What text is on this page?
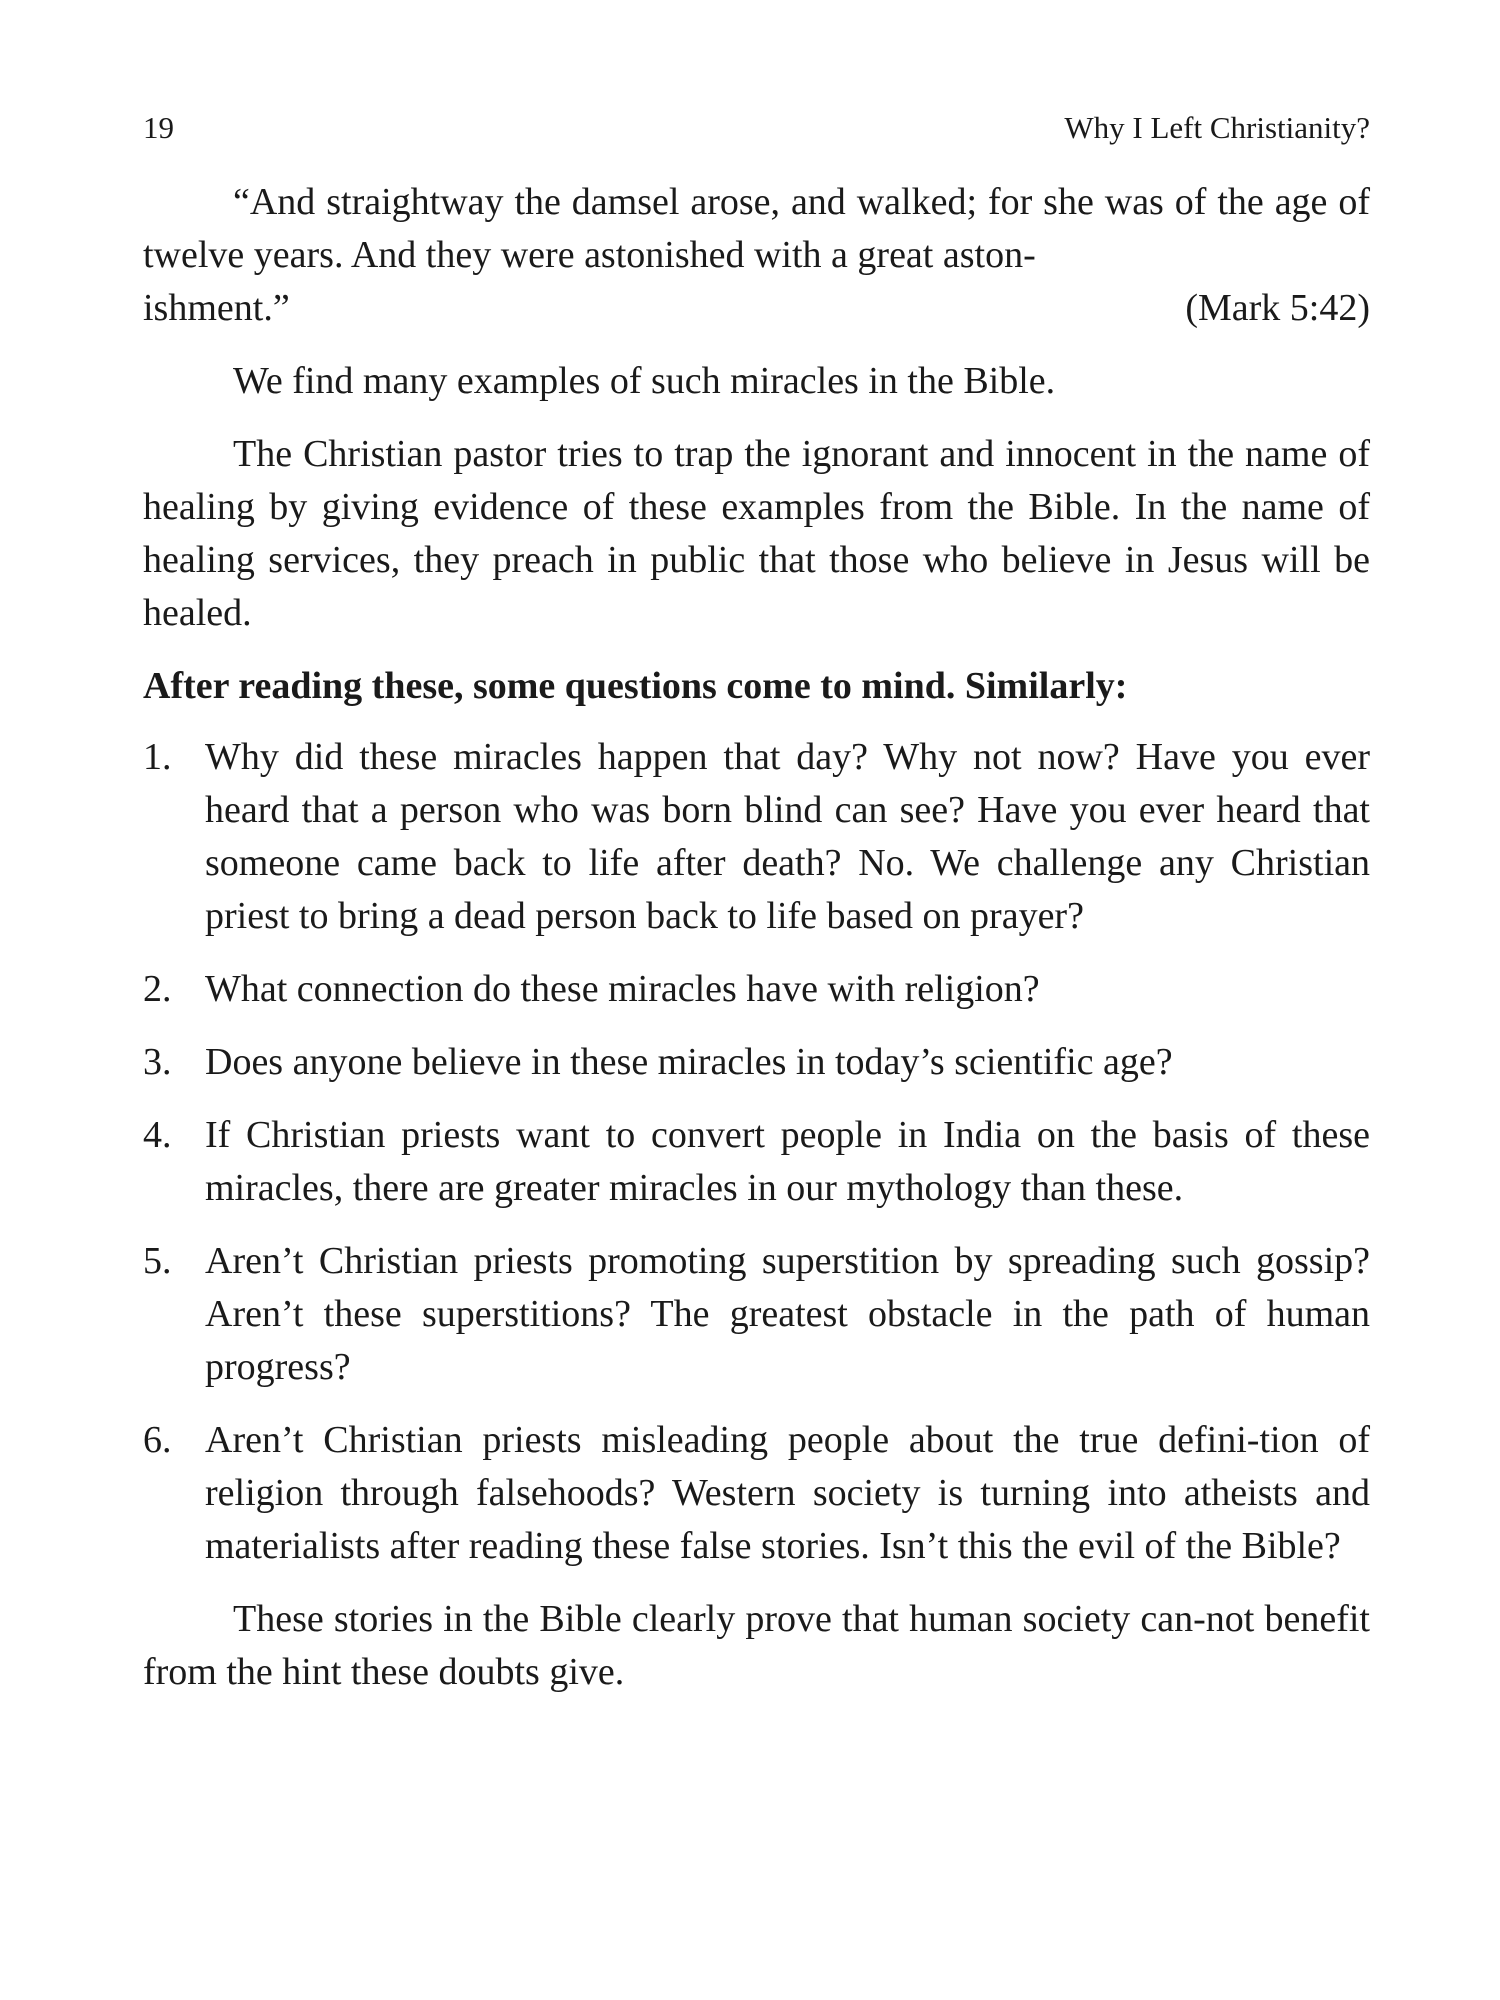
19	Why I Left Christianity?

“And straightway the damsel arose, and walked; for she was of the age of twelve years. And they were astonished with a great aston-

ishment.”	(Mark 5:42)

We find many examples of such miracles in the Bible.

The Christian pastor tries to trap the ignorant and innocent in the name of healing by giving evidence of these examples from the Bible. In the name of healing services, they preach in public that those who believe in Jesus will be healed.

After reading these, some questions come to mind. Similarly:

1. Why did these miracles happen that day? Why not now? Have you ever heard that a person who was born blind can see? Have you ever heard that someone came back to life after death? No. We challenge any Christian priest to bring a dead person back to life based on prayer?
2. What connection do these miracles have with religion?
3. Does anyone believe in these miracles in today’s scientific age?
4. If Christian priests want to convert people in India on the basis of these miracles, there are greater miracles in our mythology than these.
5. Aren’t Christian priests promoting superstition by spreading such gossip? Aren’t these superstitions? The greatest obstacle in the path of human progress?
6. Aren’t Christian priests misleading people about the true defini-tion of religion through falsehoods? Western society is turning into atheists and materialists after reading these false stories. Isn’t this the evil of the Bible?

These stories in the Bible clearly prove that human society can-not benefit from the hint these doubts give.
